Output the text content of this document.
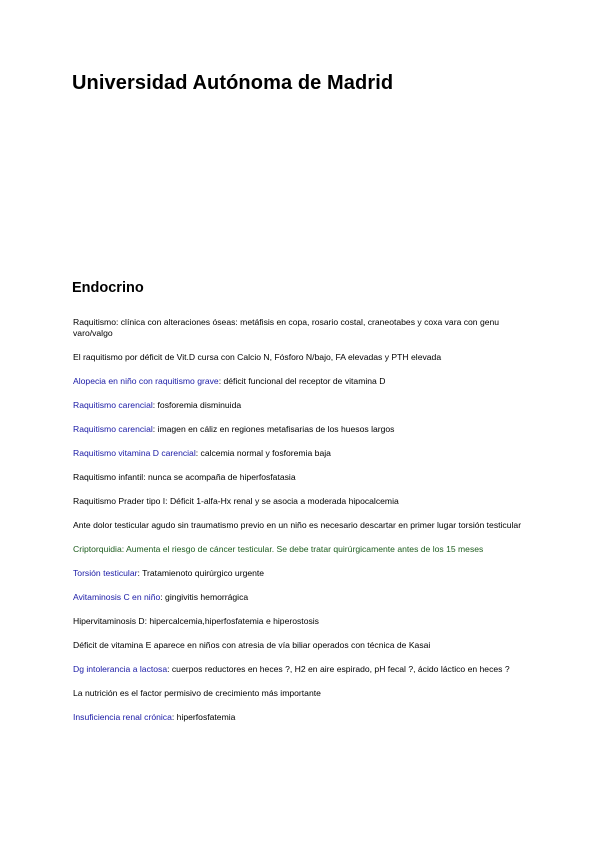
Universidad Autónoma de Madrid
Endocrino

Raquitismo: clínica con alteraciones óseas: metáfisis en copa, rosario costal, craneotabes y coxa vara con genu varo/valgo

El raquitismo por déficit de Vit.D cursa con Calcio N, Fósforo N/bajo, FA elevadas y PTH elevada

Alopecia en niño con raquitismo grave: déficit funcional del receptor de vitamina D

Raquitismo carencial: fosforemia disminuida

Raquitismo carencial: imagen en cáliz en regiones metafisarias de los huesos largos

Raquitismo vitamina D carencial: calcemia normal y fosforemia baja

Raquitismo infantil: nunca se acompaña de hiperfosfatasia

Raquitismo Prader tipo I: Déficit 1-alfa-Hx renal y se asocia a moderada hipocalcemia

Ante dolor testicular agudo sin traumatismo previo en un niño es necesario descartar en primer lugar torsión testicular

Criptorquidia: Aumenta el riesgo de cáncer testicular. Se debe tratar quirúrgicamente antes de los 15 meses

Torsión testicular: Tratamienoto quirúrgico urgente

Avitaminosis C en niño: gingivitis hemorrágica

Hipervitaminosis D: hipercalcemia,hiperfosfatemia e hiperostosis

Déficit de vitamina E aparece en niños con atresia de vía biliar operados con técnica de Kasai

Dg intolerancia a lactosa: cuerpos reductores en heces ?, H2 en aire espirado, pH fecal ?, ácido láctico en heces ?

La nutrición es el factor permisivo de crecimiento más importante

Insuficiencia renal crónica: hiperfosfatemia
